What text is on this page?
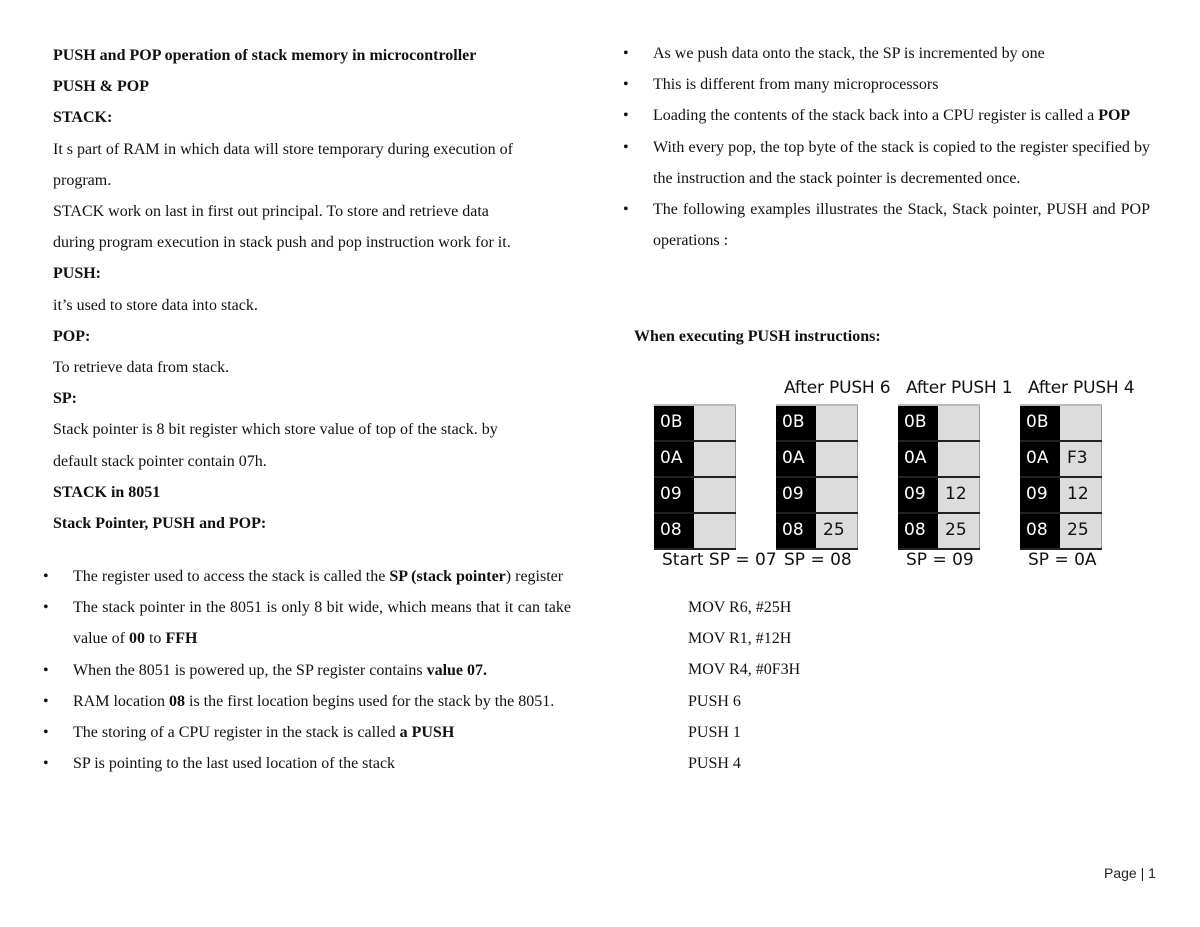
PUSH and POP operation of stack memory in microcontroller
PUSH & POP
STACK:
It s part of RAM in which data will store temporary during execution of
program.
STACK work on last in first out principal. To store and retrieve data
during program execution in stack push and pop instruction work for it.
PUSH:
it’s used to store data into stack.
POP:
To retrieve data from stack.
SP:
Stack pointer is 8 bit register which store value of top of the stack. by
default stack pointer contain 07h.
STACK in 8051
Stack Pointer, PUSH and POP:
• The register used to access the stack is called the SP (stack pointer) register
• The stack pointer in the 8051 is only 8 bit wide, which means that it can take value of 00 to FFH
• When the 8051 is powered up, the SP register contains value 07.
• RAM location 08 is the first location begins used for the stack by the 8051.
• The storing of a CPU register in the stack is called a PUSH
• SP is pointing to the last used location of the stack
• As we push data onto the stack, the SP is incremented by one
• This is different from many microprocessors
• Loading the contents of the stack back into a CPU register is called a POP
• With every pop, the top byte of the stack is copied to the register specified by the instruction and the stack pointer is decremented once.
• The following examples illustrates the Stack, Stack pointer, PUSH and POP operations :
When executing PUSH instructions:
After PUSH 6 After PUSH 1 After PUSH 4
0B
0A
09
08
0B
0A
09
08	25
0B
0A
09	12
08	25
0B
0A	F3
09	12
08	25
Start SP = 07 SP = 08	SP = 09	SP = 0A
MOV R6, #25H
MOV R1, #12H
MOV R4, #0F3H
PUSH 6
PUSH 1
PUSH 4
Page | 1
